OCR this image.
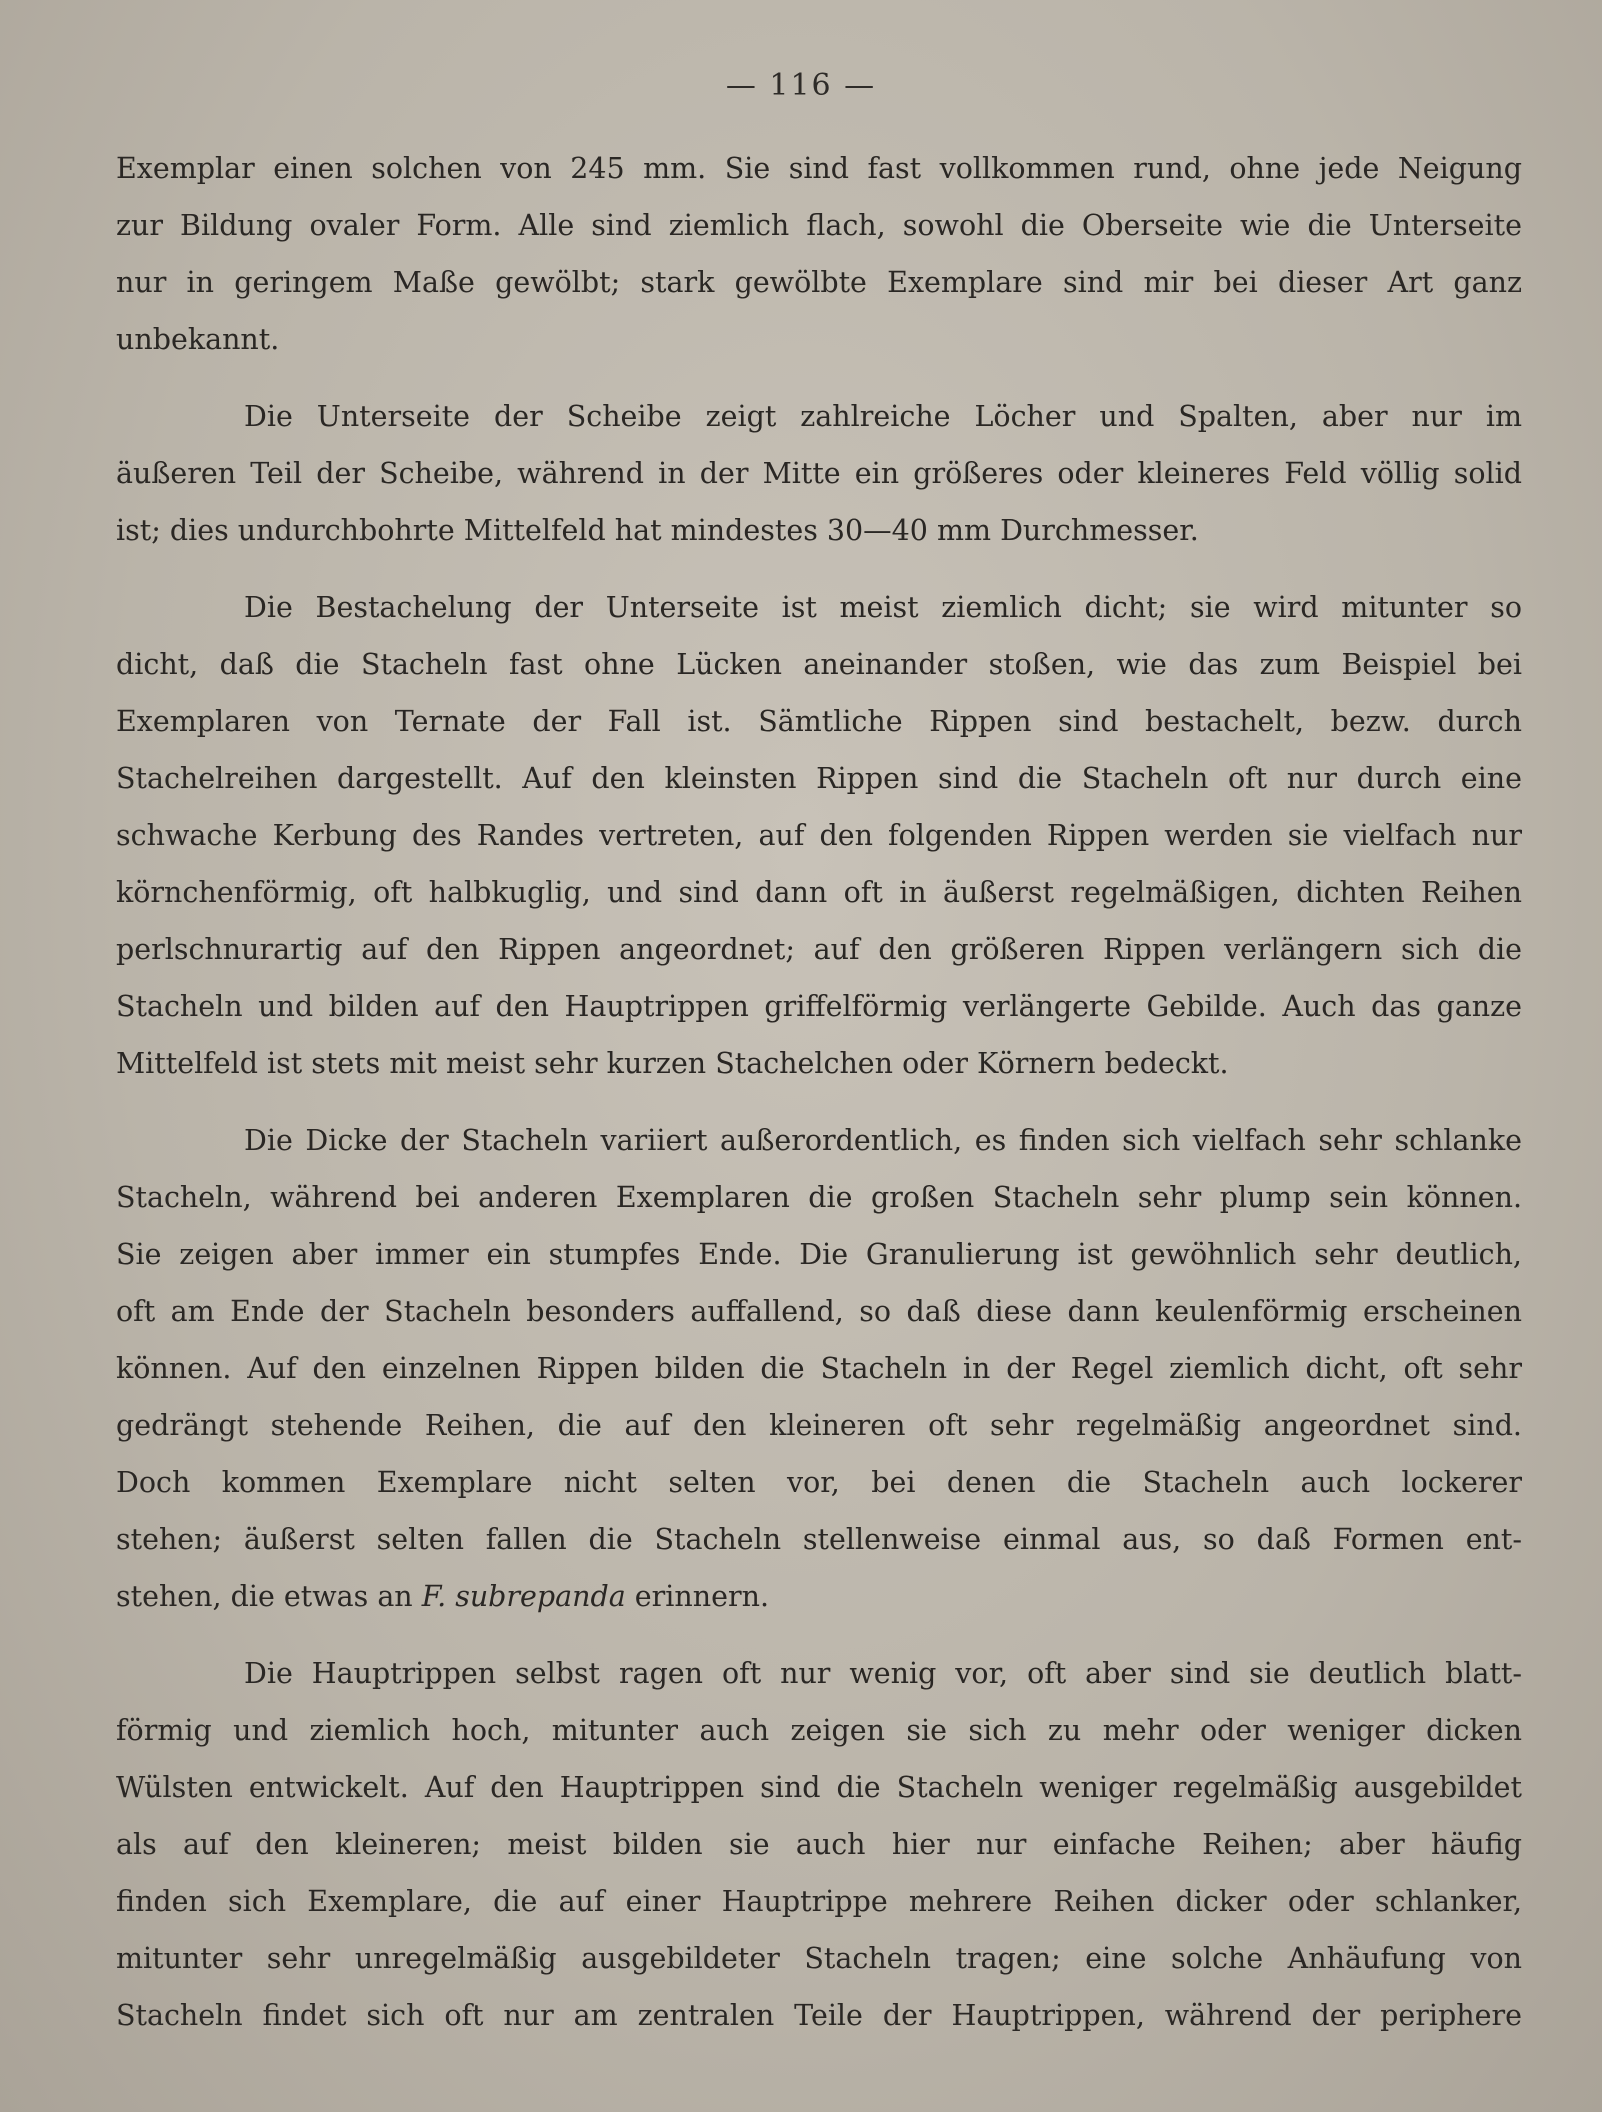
— 116 —
Exemplar einen solchen von 245 mm. Sie sind fast vollkommen rund, ohne jede Neigung
zur Bildung ovaler Form. Alle sind ziemlich flach, sowohl die Oberseite wie die Unterseite
nur in geringem Maße gewölbt; stark gewölbte Exemplare sind mir bei dieser Art ganz
unbekannt.
Die Unterseite der Scheibe zeigt zahlreiche Löcher und Spalten, aber nur im
äußeren Teil der Scheibe, während in der Mitte ein größeres oder kleineres Feld völlig solid
ist; dies undurchbohrte Mittelfeld hat mindestes 30—40 mm Durchmesser.
Die Bestachelung der Unterseite ist meist ziemlich dicht; sie wird mitunter so
dicht, daß die Stacheln fast ohne Lücken aneinander stoßen, wie das zum Beispiel bei
Exemplaren von Ternate der Fall ist. Sämtliche Rippen sind bestachelt, bezw. durch
Stachelreihen dargestellt. Auf den kleinsten Rippen sind die Stacheln oft nur durch eine
schwache Kerbung des Randes vertreten, auf den folgenden Rippen werden sie vielfach nur
körnchenförmig, oft halbkuglig, und sind dann oft in äußerst regelmäßigen, dichten Reihen
perlschnurartig auf den Rippen angeordnet; auf den größeren Rippen verlängern sich die
Stacheln und bilden auf den Hauptrippen griffelförmig verlängerte Gebilde. Auch das ganze
Mittelfeld ist stets mit meist sehr kurzen Stachelchen oder Körnern bedeckt.
Die Dicke der Stacheln variiert außerordentlich, es finden sich vielfach sehr schlanke
Stacheln, während bei anderen Exemplaren die großen Stacheln sehr plump sein können.
Sie zeigen aber immer ein stumpfes Ende. Die Granulierung ist gewöhnlich sehr deutlich,
oft am Ende der Stacheln besonders auffallend, so daß diese dann keulenförmig erscheinen
können. Auf den einzelnen Rippen bilden die Stacheln in der Regel ziemlich dicht, oft sehr
gedrängt stehende Reihen, die auf den kleineren oft sehr regelmäßig angeordnet sind.
Doch kommen Exemplare nicht selten vor, bei denen die Stacheln auch lockerer
stehen; äußerst selten fallen die Stacheln stellenweise einmal aus, so daß Formen ent-
stehen, die etwas an F. subrepanda erinnern.
Die Hauptrippen selbst ragen oft nur wenig vor, oft aber sind sie deutlich blatt-
förmig und ziemlich hoch, mitunter auch zeigen sie sich zu mehr oder weniger dicken
Wülsten entwickelt. Auf den Hauptrippen sind die Stacheln weniger regelmäßig ausgebildet
als auf den kleineren; meist bilden sie auch hier nur einfache Reihen; aber häufig
finden sich Exemplare, die auf einer Hauptrippe mehrere Reihen dicker oder schlanker,
mitunter sehr unregelmäßig ausgebildeter Stacheln tragen; eine solche Anhäufung von
Stacheln findet sich oft nur am zentralen Teile der Hauptrippen, während der periphere
